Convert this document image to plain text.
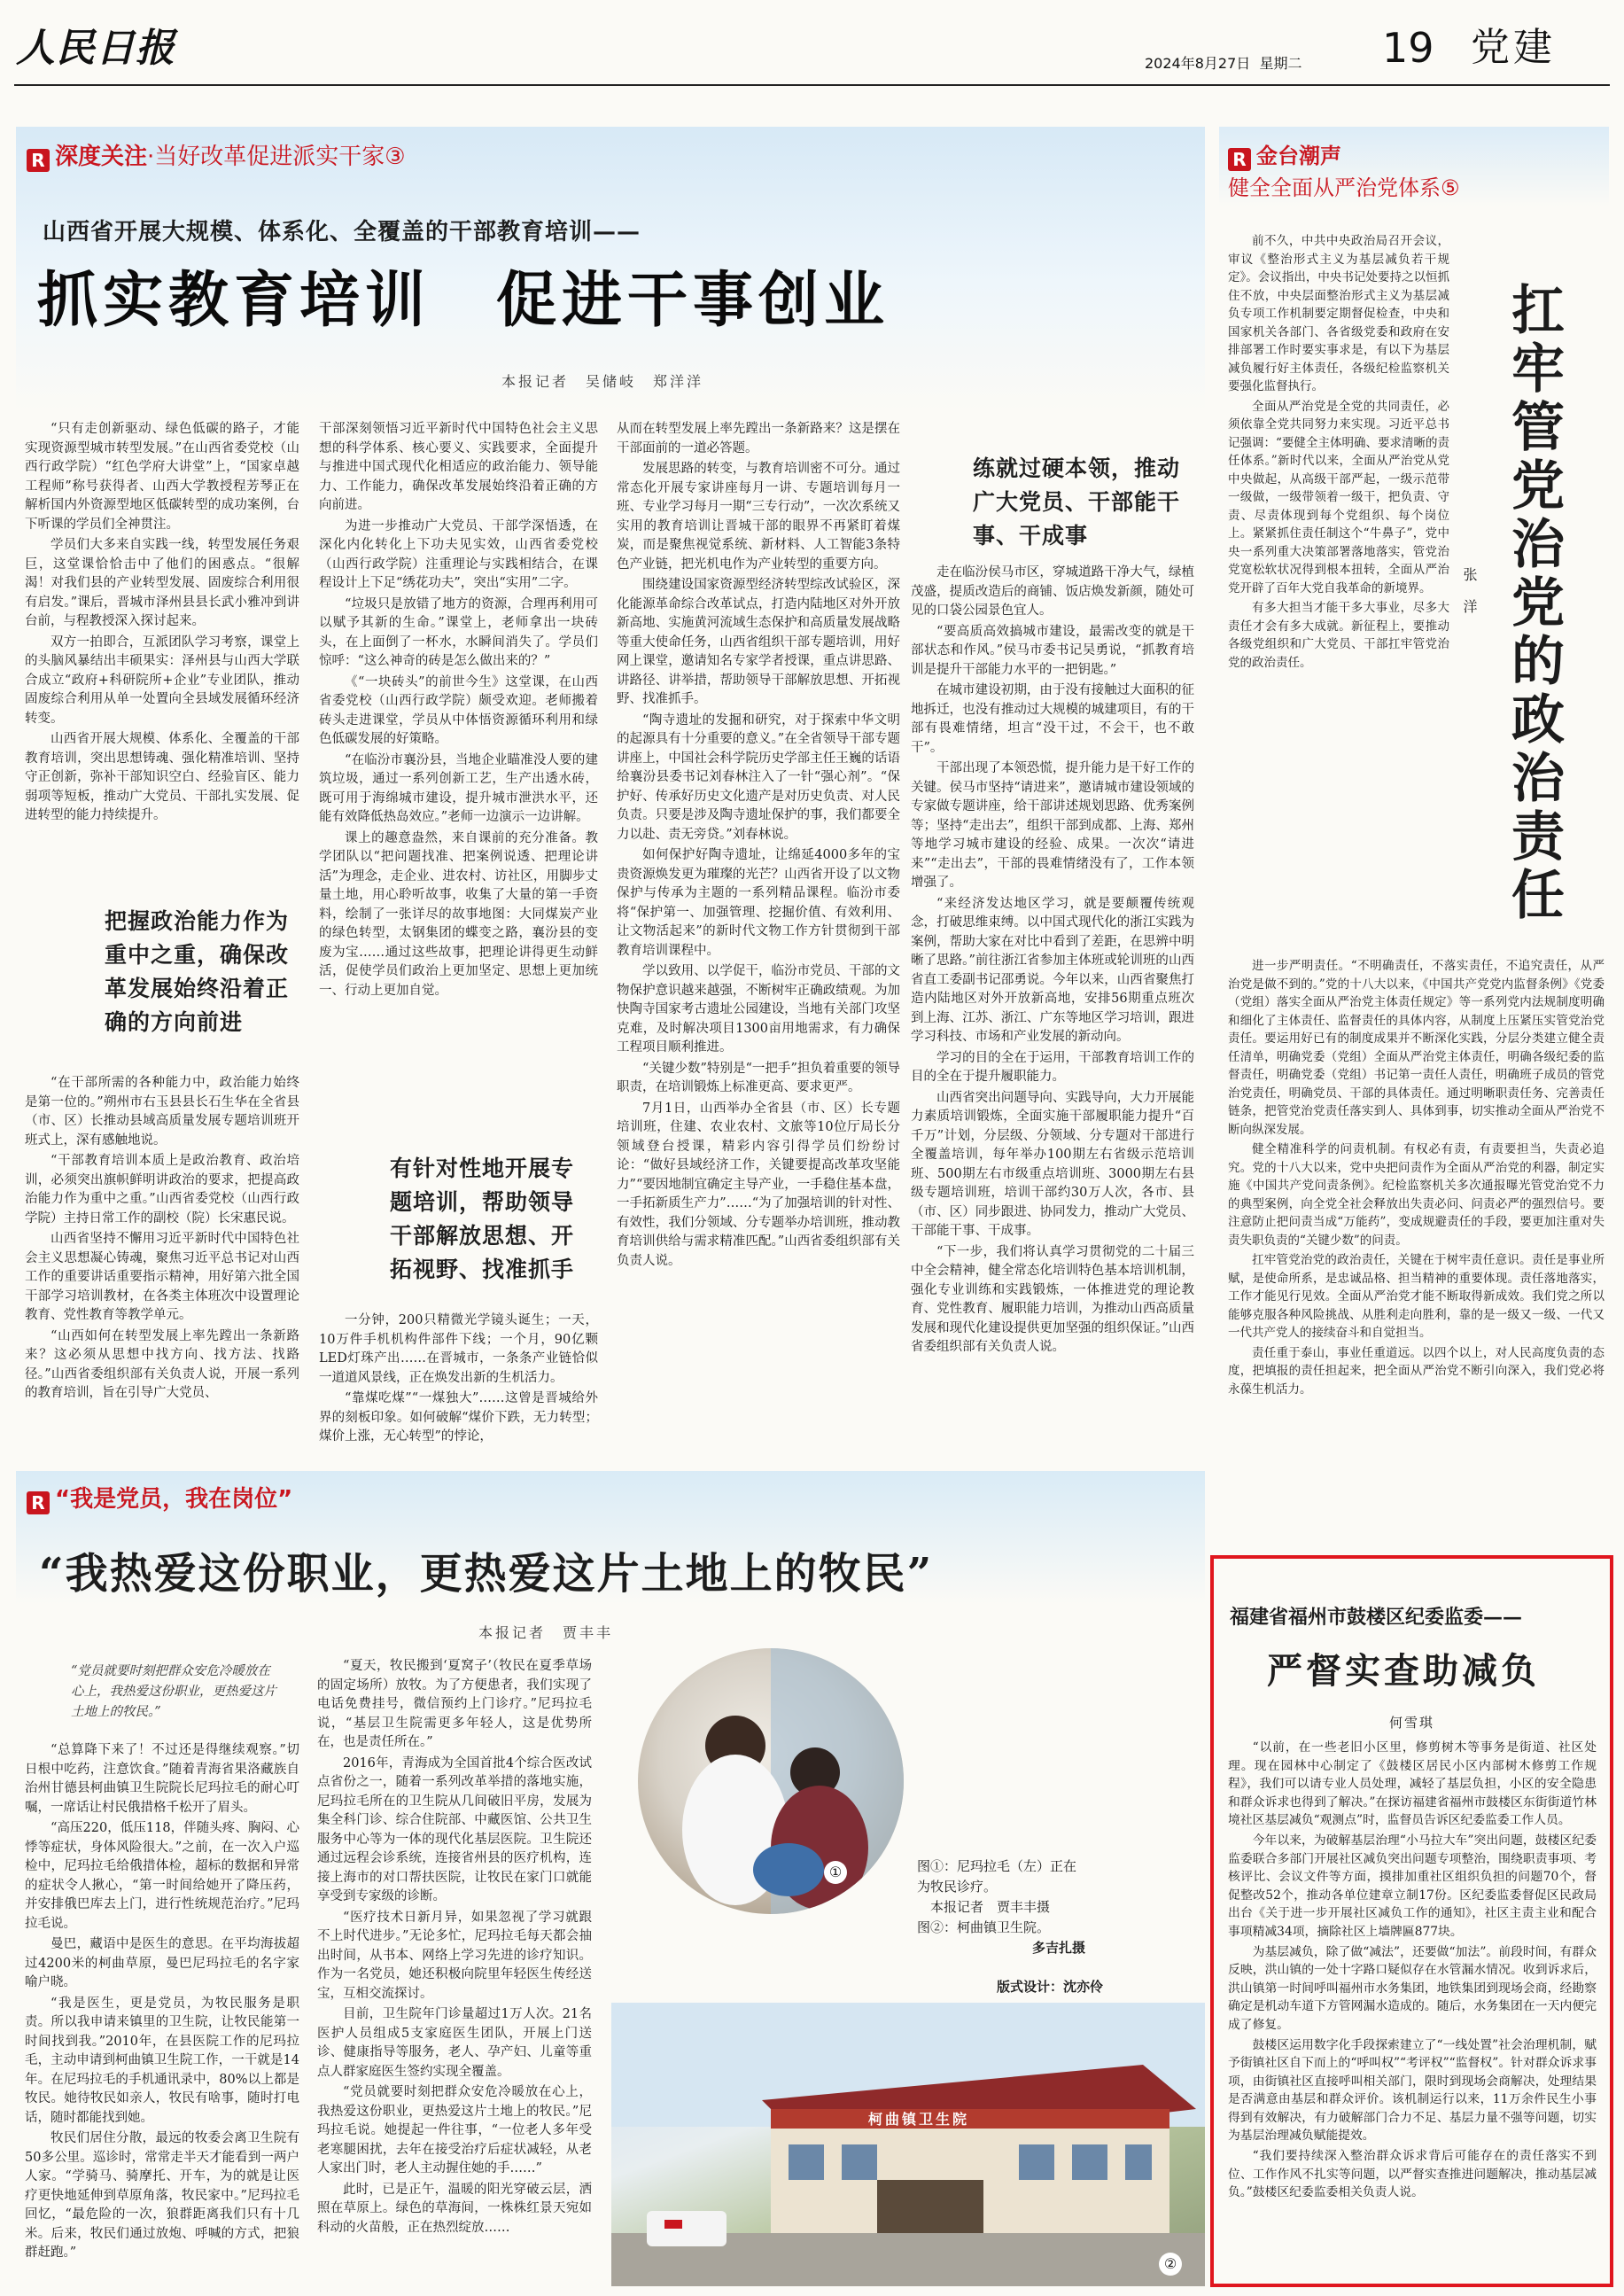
人民日报	2024年8月27日 星期二 19 党建
R 深度关注·当好改革促进派实干家③
山西省开展大规模、体系化、全覆盖的干部教育培训——
抓实教育培训　促进干事创业
本报记者　吴储岐　郑洋洋

“只有走创新驱动、绿色低碳的路子，才能实现资源型城市转型发展。”在山西省委党校（山西行政学院）“红色学府大讲堂”上，“国家卓越工程师”称号获得者、山西大学教授程芳琴正在解析国内外资源型地区低碳转型的成功案例，台下听课的学员们全神贯注。

学员们大多来自实践一线，转型发展任务艰巨，这堂课恰恰击中了他们的困惑点。“很解渴！对我们县的产业转型发展、固废综合利用很有启发。”课后，晋城市泽州县县长武小雅冲到讲台前，与程教授深入探讨起来。

双方一拍即合，互派团队学习考察，课堂上的头脑风暴结出丰硕果实：泽州县与山西大学联合成立“政府+科研院所+企业”专业团队，推动固废综合利用从单一处置向全县域发展循环经济转变。

山西省开展大规模、体系化、全覆盖的干部教育培训，突出思想铸魂、强化精准培训、坚持守正创新，弥补干部知识空白、经验盲区、能力弱项等短板，推动广大党员、干部扎实发展、促进转型的能力持续提升。

把握政治能力作为重中之重，确保改革发展始终沿着正确的方向前进

“在干部所需的各种能力中，政治能力始终是第一位的。”朔州市右玉县县长石生华在全省县（市、区）长推动县域高质量发展专题培训班开班式上，深有感触地说。

“干部教育培训本质上是政治教育、政治培训，必须突出旗帜鲜明讲政治的要求，把提高政治能力作为重中之重。”山西省委党校（山西行政学院）主持日常工作的副校（院）长宋惠民说。

山西省坚持不懈用习近平新时代中国特色社会主义思想凝心铸魂，聚焦习近平总书记对山西工作的重要讲话重要指示精神，用好第六批全国干部学习培训教材，在各类主体班次中设置理论教育、党性教育等教学单元。

“山西如何在转型发展上率先蹚出一条新路来？这必须从思想中找方向、找方法、找路径。”山西省委组织部有关负责人说，开展一系列的教育培训，旨在引导广大党员、

干部深刻领悟习近平新时代中国特色社会主义思想的科学体系、核心要义、实践要求，全面提升与推进中国式现代化相适应的政治能力、领导能力、工作能力，确保改革发展始终沿着正确的方向前进。

为进一步推动广大党员、干部学深悟透，在深化内化转化上下功夫见实效，山西省委党校（山西行政学院）注重理论与实践相结合，在课程设计上下足“绣花功夫”，突出“实用”二字。

“垃圾只是放错了地方的资源，合理再利用可以赋予其新的生命。”课堂上，老师拿出一块砖头，在上面倒了一杯水，水瞬间消失了。学员们惊呼：“这么神奇的砖是怎么做出来的？”

《“一块砖头”的前世今生》这堂课，在山西省委党校（山西行政学院）颇受欢迎。老师搬着砖头走进课堂，学员从中体悟资源循环利用和绿色低碳发展的好策略。

“在临汾市襄汾县，当地企业瞄准没人要的建筑垃圾，通过一系列创新工艺，生产出透水砖，既可用于海绵城市建设，提升城市泄洪水平，还能有效降低热岛效应。”老师一边演示一边讲解。

课上的趣意盎然，来自课前的充分准备。教学团队以“把问题找准、把案例说透、把理论讲活”为理念，走企业、进农村、访社区，用脚步丈量土地，用心聆听故事，收集了大量的第一手资料，绘制了一张详尽的故事地图：大同煤炭产业的绿色转型，太钢集团的蝶变之路，襄汾县的变废为宝……通过这些故事，把理论讲得更生动鲜活，促使学员们政治上更加坚定、思想上更加统一、行动上更加自觉。

有针对性地开展专题培训，帮助领导干部解放思想、开拓视野、找准抓手

一分钟，200只精微光学镜头诞生；一天，10万件手机机构件部件下线；一个月，90亿颗LED灯珠产出……在晋城市，一条条产业链恰似一道道风景线，正在焕发出新的生机活力。

“靠煤吃煤”“一煤独大”……这曾是晋城给外界的刻板印象。如何破解“煤价下跌，无力转型；煤价上涨，无心转型”的悖论，

从而在转型发展上率先蹚出一条新路来？这是摆在干部面前的一道必答题。

发展思路的转变，与教育培训密不可分。通过常态化开展专家讲座每月一讲、专题培训每月一班、专业学习每月一期“三专行动”，一次次系统又实用的教育培训让晋城干部的眼界不再紧盯着煤炭，而是聚焦视觉系统、新材料、人工智能3条特色产业链，把光机电作为产业转型的重要方向。

围绕建设国家资源型经济转型综改试验区，深化能源革命综合改革试点，打造内陆地区对外开放新高地、实施黄河流域生态保护和高质量发展战略等重大使命任务，山西省组织干部专题培训，用好网上课堂，邀请知名专家学者授课，重点讲思路、讲路径、讲举措，帮助领导干部解放思想、开拓视野、找准抓手。

“陶寺遗址的发掘和研究，对于探索中华文明的起源具有十分重要的意义。”在全省领导干部专题讲座上，中国社会科学院历史学部主任王巍的话语给襄汾县委书记刘春林注入了一针“强心剂”。“保护好、传承好历史文化遗产是对历史负责、对人民负责。只要是涉及陶寺遗址保护的事，我们都要全力以赴、责无旁贷。”刘春林说。

如何保护好陶寺遗址，让绵延4000多年的宝贵资源焕发更为璀璨的光芒？山西省开设了以文物保护与传承为主题的一系列精品课程。临汾市委将“保护第一、加强管理、挖掘价值、有效利用、让文物活起来”的新时代文物工作方针贯彻到干部教育培训课程中。

学以致用、以学促干，临汾市党员、干部的文物保护意识越来越强，不断树牢正确政绩观。为加快陶寺国家考古遗址公园建设，当地有关部门攻坚克难，及时解决项目1300亩用地需求，有力确保工程项目顺利推进。

“关键少数”特别是“一把手”担负着重要的领导职责，在培训锻炼上标准更高、要求更严。

7月1日，山西举办全省县（市、区）长专题培训班，住建、农业农村、文旅等10位厅局长分领域登台授课，精彩内容引得学员们纷纷讨论：“做好县域经济工作，关键要提高改革攻坚能力”“要因地制宜确定主导产业，一手稳住基本盘，一手拓新质生产力”……“为了加强培训的针对性、有效性，我们分领域、分专题举办培训班，推动教育培训供给与需求精准匹配。”山西省委组织部有关负责人说。

练就过硬本领，推动广大党员、干部能干事、干成事

走在临汾侯马市区，穿城道路干净大气，绿植茂盛，提质改造后的商铺、饭店焕发新颜，随处可见的口袋公园景色宜人。

“要高质高效搞城市建设，最需改变的就是干部状态和作风。”侯马市委书记吴勇说，“抓教育培训是提升干部能力水平的一把钥匙。”

在城市建设初期，由于没有接触过大面积的征地拆迁，也没有推动过大规模的城建项目，有的干部有畏难情绪，坦言“没干过，不会干，也不敢干”。

干部出现了本领恐慌，提升能力是干好工作的关键。侯马市坚持“请进来”，邀请城市建设领域的专家做专题讲座，给干部讲述规划思路、优秀案例等；坚持“走出去”，组织干部到成都、上海、郑州等地学习城市建设的经验、成果。一次次“请进来”“走出去”，干部的畏难情绪没有了，工作本领增强了。

“来经济发达地区学习，就是要颠覆传统观念，打破思维束缚。以中国式现代化的浙江实践为案例，帮助大家在对比中看到了差距，在思辨中明晰了思路。”前往浙江省参加主体班或轮训班的山西省直工委副书记邵勇说。今年以来，山西省聚焦打造内陆地区对外开放新高地，安排56期重点班次到上海、江苏、浙江、广东等地区学习培训，跟进学习科技、市场和产业发展的新动向。

学习的目的全在于运用，干部教育培训工作的目的全在于提升履职能力。

山西省突出问题导向、实践导向，大力开展能力素质培训锻炼，全面实施干部履职能力提升“百千万”计划，分层级、分领域、分专题对干部进行全覆盖培训，每年举办100期左右省级示范培训班、500期左右市级重点培训班、3000期左右县级专题培训班，培训干部约30万人次，各市、县（市、区）同步跟进、协同发力，推动广大党员、干部能干事、干成事。

“下一步，我们将认真学习贯彻党的二十届三中全会精神，健全常态化培训特色基本培训机制，强化专业训练和实践锻炼，一体推进党的理论教育、党性教育、履职能力培训，为推动山西高质量发展和现代化建设提供更加坚强的组织保证。”山西省委组织部有关负责人说。

R 金台潮声
健全全面从严治党体系⑤

前不久，中共中央政治局召开会议，审议《整治形式主义为基层减负若干规定》。会议指出，中央书记处要持之以恒抓住不放，中央层面整治形式主义为基层减负专项工作机制要定期督促检查，中央和国家机关各部门、各省级党委和政府在安排部署工作时要实事求是，有以下为基层减负履行好主体责任，各级纪检监察机关要强化监督执行。

全面从严治党是全党的共同责任，必须依靠全党共同努力来实现。习近平总书记强调：“要健全主体明确、要求清晰的责任体系。”新时代以来，全面从严治党从党中央做起，从高级干部严起，一级示范带一级做，一级带领着一级干，把负责、守责、尽责体现到每个党组织、每个岗位上。紧紧抓住责任制这个“牛鼻子”，党中央一系列重大决策部署落地落实，管党治党宽松软状况得到根本扭转，全面从严治党开辟了百年大党自我革命的新境界。

有多大担当才能干多大事业，尽多大责任才会有多大成就。新征程上，要推动各级党组织和广大党员、干部扛牢管党治党的政治责任。

张　洋 扛牢管党治党的政治责任

进一步严明责任。“不明确责任，不落实责任，不追究责任，从严治党是做不到的。”党的十八大以来，《中国共产党党内监督条例》《党委（党组）落实全面从严治党主体责任规定》等一系列党内法规制度明确和细化了主体责任、监督责任的具体内容，从制度上压紧压实管党治党责任。要运用好已有的制度成果并不断深化实践，分层分类建立健全责任清单，明确党委（党组）全面从严治党主体责任，明确各级纪委的监督责任，明确党委（党组）书记第一责任人责任，明确班子成员的管党治党责任，明确党员、干部的具体责任。通过明晰职责任务、完善责任链条，把管党治党责任落实到人、具体到事，切实推动全面从严治党不断向纵深发展。

健全精准科学的问责机制。有权必有责，有责要担当，失责必追究。党的十八大以来，党中央把问责作为全面从严治党的利器，制定实施《中国共产党问责条例》。纪检监察机关多次通报曝光管党治党不力的典型案例，向全党全社会释放出失责必问、问责必严的强烈信号。要注意防止把问责当成“万能药”，变成规避责任的手段，要更加注重对失责失职负责的“关键少数”的问责。

扛牢管党治党的政治责任，关键在于树牢责任意识。责任是事业所赋，是使命所系，是忠诚品格、担当精神的重要体现。责任落地落实，工作才能见行见效。全面从严治党才能不断取得新成效。我们党之所以能够克服各种风险挑战、从胜利走向胜利，靠的是一级又一级、一代又一代共产党人的接续奋斗和自觉担当。

责任重于泰山，事业任重道远。以四个以上，对人民高度负责的态度，把填报的责任担起来，把全面从严治党不断引向深入，我们党必将永葆生机活力。

福建省福州市鼓楼区纪委监委——
严督实查助减负
何雪琪

“以前，在一些老旧小区里，修剪树木等事务是街道、社区处理。现在园林中心制定了《鼓楼区居民小区内部树木修剪工作规程》，我们可以请专业人员处理，减轻了基层负担，小区的安全隐患和群众诉求也得到了解决。”在探访福建省福州市鼓楼区东街街道竹林境社区基层减负“观测点”时，监督员告诉区纪委监委工作人员。

今年以来，为破解基层治理“小马拉大车”突出问题，鼓楼区纪委监委联合多部门开展社区减负突出问题专项整治，围绕职责事项、考核评比、会议文件等方面，摸排加重社区组织负担的问题70个，督促整改52个，推动各单位建章立制17份。区纪委监委督促区民政局出台《关于进一步开展社区减负工作的通知》，社区主责主业和配合事项精减34项，摘除社区上墙牌匾877块。

为基层减负，除了做“减法”，还要做“加法”。前段时间，有群众反映，洪山镇的一处十字路口疑似存在水管漏水情况。收到诉求后，洪山镇第一时间呼叫福州市水务集团，地铁集团到现场会商，经勘察确定是机动车道下方管网漏水造成的。随后，水务集团在一天内便完成了修复。

鼓楼区运用数字化手段探索建立了“一线处置”社会治理机制，赋予街镇社区自下而上的“呼叫权”“考评权”“监督权”。针对群众诉求事项，由街镇社区直接呼叫相关部门，限时到现场会商解决，处理结果是否满意由基层和群众评价。该机制运行以来，11万余件民生小事得到有效解决，有力破解部门合力不足、基层力量不强等问题，切实为基层治理减负赋能提效。

“我们要持续深入整治群众诉求背后可能存在的责任落实不到位、工作作风不扎实等问题，以严督实查推进问题解决，推动基层减负。”鼓楼区纪委监委相关负责人说。

R “我是党员，我在岗位”
“我热爱这份职业，更热爱这片土地上的牧民”
本报记者　贾丰丰
“党员就要时刻把群众安危冷暖放在心上，我热爱这份职业，更热爱这片土地上的牧民。”

“总算降下来了！不过还是得继续观察。”切日根中吃药，注意饮食。”随着青海省果洛藏族自治州甘德县柯曲镇卫生院院长尼玛拉毛的耐心叮嘱，一席话让村民俄措格千松开了眉头。

“高压220，低压118，伴随头疼、胸闷、心悸等症状，身体风险很大。”之前，在一次入户巡检中，尼玛拉毛给俄措体检，超标的数据和异常的症状令人揪心，“第一时间给她开了降压药，并安排俄巴库去上门，进行性统规范治疗。”尼玛拉毛说。

曼巴，藏语中是医生的意思。在平均海拔超过4200米的柯曲草原，曼巴尼玛拉毛的名字家喻户晓。

“我是医生，更是党员，为牧民服务是职责。所以我申请来镇里的卫生院，让牧民能第一时间找到我。”2010年，在县医院工作的尼玛拉毛，主动申请到柯曲镇卫生院工作，一干就是14年。在尼玛拉毛的手机通讯录中，80%以上都是牧民。她待牧民如亲人，牧民有啥事，随时打电话，随时都能找到她。

牧民们居住分散，最远的牧委会离卫生院有50多公里。巡诊时，常常走半天才能看到一两户人家。“学骑马、骑摩托、开车，为的就是让医疗更快地延伸到草原角落，牧民家中。”尼玛拉毛回忆，“最危险的一次，狼群距离我们只有十几米。后来，牧民们通过放炮、呼喊的方式，把狼群赶跑。”

“夏天，牧民搬到‘夏窝子’（牧民在夏季草场的固定场所）放牧。为了方便患者，我们实现了电话免费挂号，微信预约上门诊疗。”尼玛拉毛说，“基层卫生院需更多年轻人，这是优势所在，也是责任所在。”

2016年，青海成为全国首批4个综合医改试点省份之一，随着一系列改革举措的落地实施，尼玛拉毛所在的卫生院从几间破旧平房，发展为集全科门诊、综合住院部、中藏医馆、公共卫生服务中心等为一体的现代化基层医院。卫生院还通过远程会诊系统，连接省州县的医疗机构，连接上海市的对口帮扶医院，让牧民在家门口就能享受到专家级的诊断。

“医疗技术日新月异，如果忽视了学习就跟不上时代进步。”无论多忙，尼玛拉毛每天都会抽出时间，从书本、网络上学习先进的诊疗知识。作为一名党员，她还积极向院里年轻医生传经送宝，互相交流探讨。

目前，卫生院年门诊量超过1万人次。21名医护人员组成5支家庭医生团队，开展上门送诊、健康指导等服务，老人、孕产妇、儿童等重点人群家庭医生签约实现全覆盖。

“党员就要时刻把群众安危冷暖放在心上，我热爱这份职业，更热爱这片土地上的牧民。”尼玛拉毛说。她提起一件往事，“一位老人多年受老寒腿困扰，去年在接受治疗后症状减轻，从老人家出门时，老人主动握住她的手……”

此时，已是正午，温暖的阳光穿破云层，洒照在草原上。绿色的草海间，一株株红景天宛如科动的火苗般，正在热烈绽放……

①	图①：尼玛拉毛（左）正在为牧民诊疗。
本报记者　贾丰丰摄
图②：柯曲镇卫生院。
多吉扎摄
版式设计：沈亦伶
柯曲镇卫生院
②
